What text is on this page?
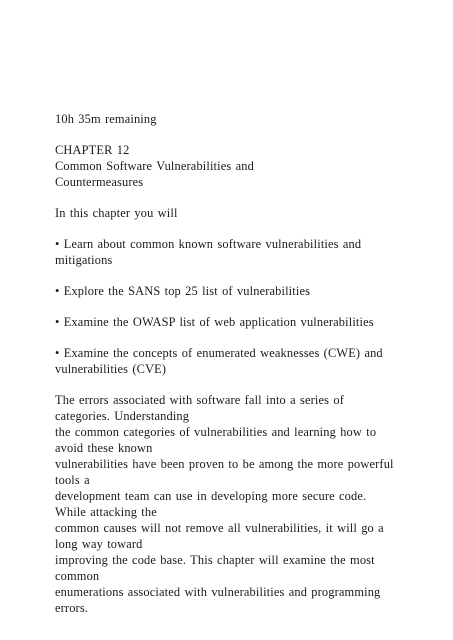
10h 35m remaining
CHAPTER 12
Common Software Vulnerabilities and
Countermeasures
In this chapter you will
• Learn about common known software vulnerabilities and
mitigations
• Explore the SANS top 25 list of vulnerabilities
• Examine the OWASP list of web application vulnerabilities
• Examine the concepts of enumerated weaknesses (CWE) and
vulnerabilities (CVE)
The errors associated with software fall into a series of
categories. Understanding
the common categories of vulnerabilities and learning how to
avoid these known
vulnerabilities have been proven to be among the more powerful
tools a
development team can use in developing more secure code.
While attacking the
common causes will not remove all vulnerabilities, it will go a
long way toward
improving the code base. This chapter will examine the most
common
enumerations associated with vulnerabilities and programming
errors.
